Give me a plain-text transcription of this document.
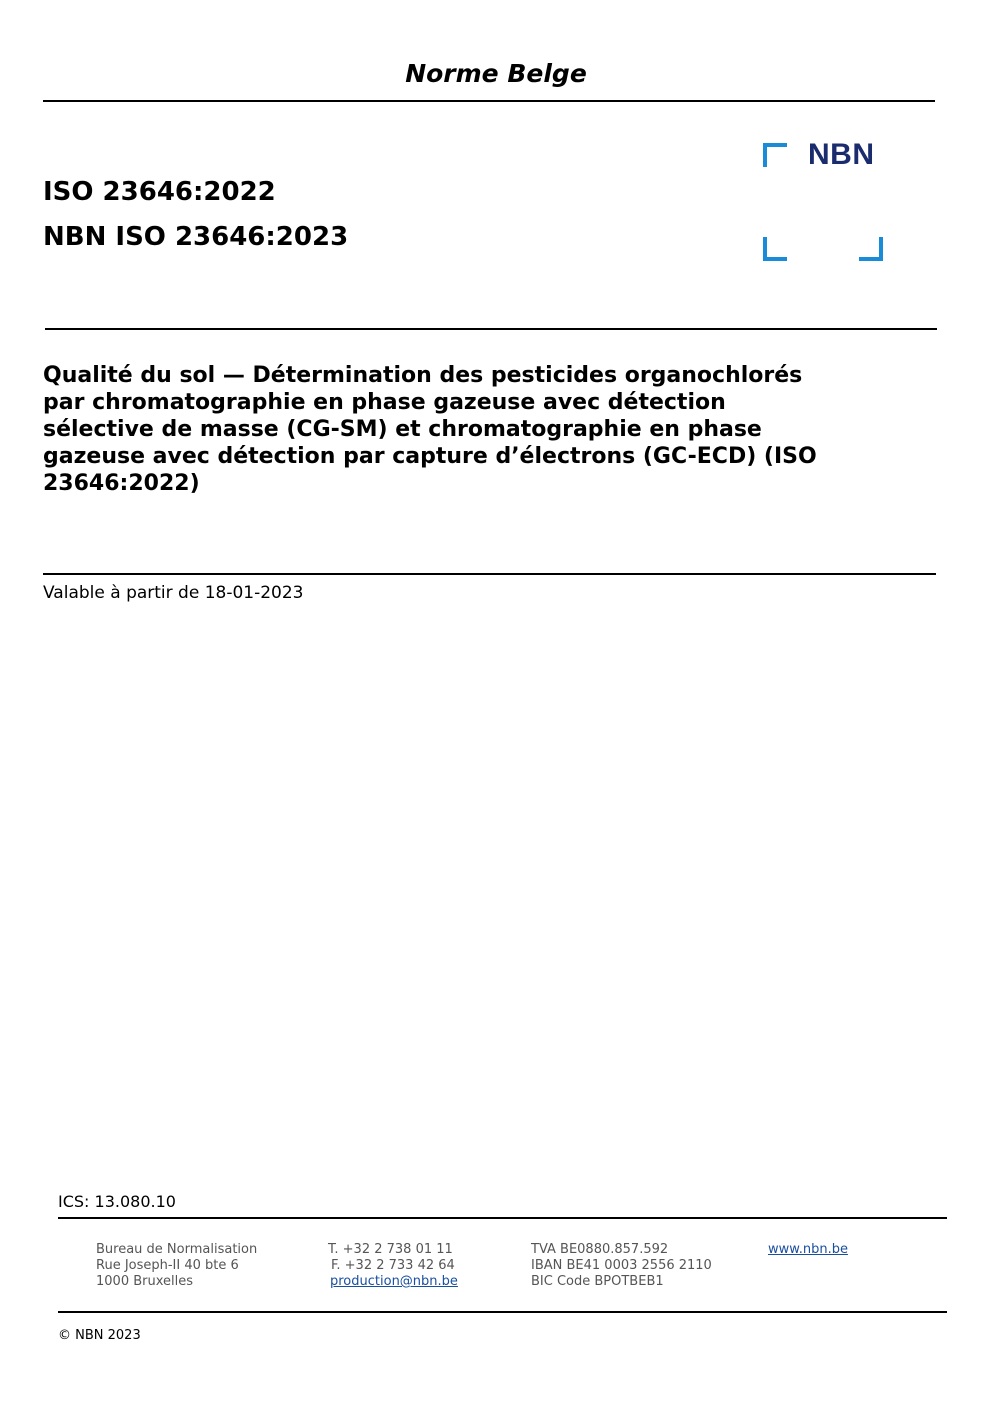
Norme Belge
ISO 23646:2022
NBN ISO 23646:2023
NBN
Qualité du sol — Détermination des pesticides organochlorés
par chromatographie en phase gazeuse avec détection
sélective de masse (CG-SM) et chromatographie en phase
gazeuse avec détection par capture d’électrons (GC-ECD) (ISO
23646:2022)
Valable à partir de 18-01-2023
ICS: 13.080.10
Bureau de Normalisation
Rue Joseph-II 40 bte 6
1000 Bruxelles
T. +32 2 738 01 11
F. +32 2 733 42 64
production@nbn.be
TVA BE0880.857.592
IBAN BE41 0003 2556 2110
BIC Code BPOTBEB1
www.nbn.be
© NBN 2023
